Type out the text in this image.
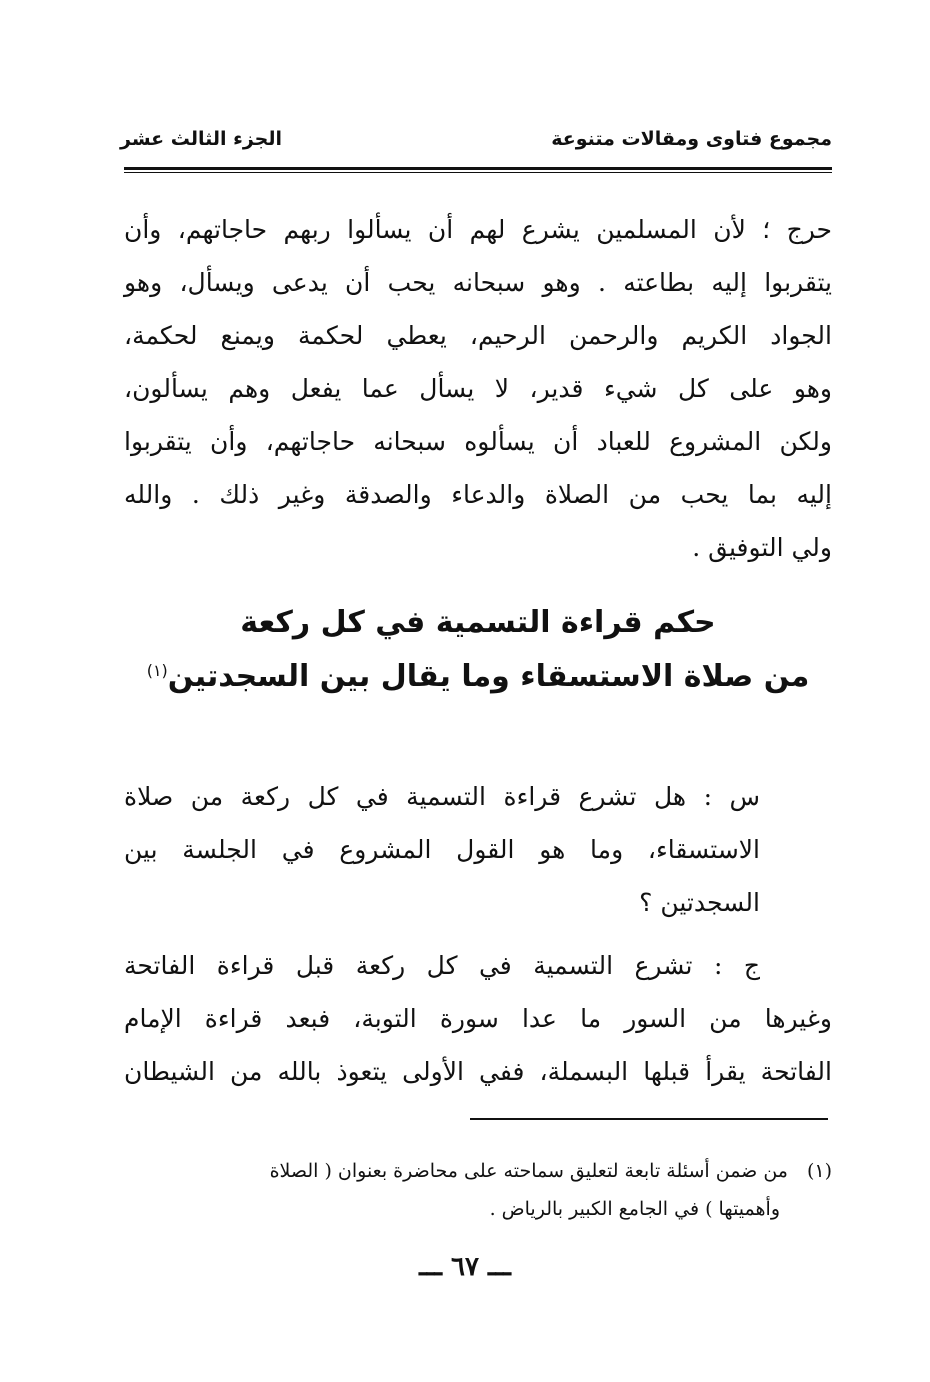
مجموع فتاوى ومقالات متنوعة
الجزء الثالث عشر
حرج ؛ لأن المسلمين يشرع لهم أن يسألوا ربهم حاجاتهم، وأن
يتقربوا إليه بطاعته . وهو سبحانه يحب أن يدعى ويسأل، وهو
الجواد الكريم والرحمن الرحيم، يعطي لحكمة ويمنع لحكمة،
وهو على كل شيء قدير، لا يسأل عما يفعل وهم يسألون،
ولكن المشروع للعباد أن يسألوه سبحانه حاجاتهم، وأن يتقربوا
إليه بما يحب من الصلاة والدعاء والصدقة وغير ذلك . والله
ولي التوفيق .
حكم قراءة التسمية في كل ركعة
من صلاة الاستسقاء وما يقال بين السجدتين$^{(١)}$
س : هل تشرع قراءة التسمية في كل ركعة من صلاة
الاستسقاء، وما هو القول المشروع في الجلسة بين
السجدتين ؟
ج : تشرع التسمية في كل ركعة قبل قراءة الفاتحة
وغيرها من السور ما عدا سورة التوبة، فبعد قراءة الإمام
الفاتحة يقرأ قبلها البسملة، ففي الأولى يتعوذ بالله من الشيطان
(١)من ضمن أسئلة تابعة لتعليق سماحته على محاضرة بعنوان ( الصلاة
وأهميتها ) في الجامع الكبير بالرياض .
ـــ ٦٧ ـــ
